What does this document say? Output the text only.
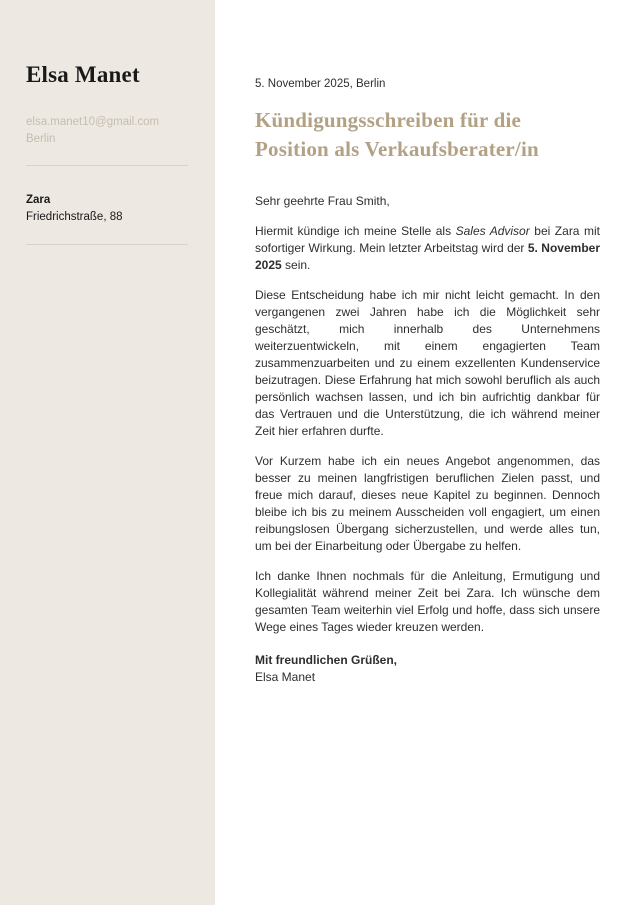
Elsa Manet
elsa.manet10@gmail.com
Berlin
Zara
Friedrichstraße, 88
5. November 2025, Berlin
Kündigungsschreiben für die Position als Verkaufsberater/in

Sehr geehrte Frau Smith,

Hiermit kündige ich meine Stelle als Sales Advisor bei Zara mit sofortiger Wirkung. Mein letzter Arbeitstag wird der 5. November 2025 sein.

Diese Entscheidung habe ich mir nicht leicht gemacht. In den vergangenen zwei Jahren habe ich die Möglichkeit sehr geschätzt, mich innerhalb des Unternehmens weiterzuentwickeln, mit einem engagierten Team zusammenzuarbeiten und zu einem exzellenten Kundenservice beizutragen. Diese Erfahrung hat mich sowohl beruflich als auch persönlich wachsen lassen, und ich bin aufrichtig dankbar für das Vertrauen und die Unterstützung, die ich während meiner Zeit hier erfahren durfte.

Vor Kurzem habe ich ein neues Angebot angenommen, das besser zu meinen langfristigen beruflichen Zielen passt, und freue mich darauf, dieses neue Kapitel zu beginnen. Dennoch bleibe ich bis zu meinem Ausscheiden voll engagiert, um einen reibungslosen Übergang sicherzustellen, und werde alles tun, um bei der Einarbeitung oder Übergabe zu helfen.

Ich danke Ihnen nochmals für die Anleitung, Ermutigung und Kollegialität während meiner Zeit bei Zara. Ich wünsche dem gesamten Team weiterhin viel Erfolg und hoffe, dass sich unsere Wege eines Tages wieder kreuzen werden.

Mit freundlichen Grüßen,
Elsa Manet
